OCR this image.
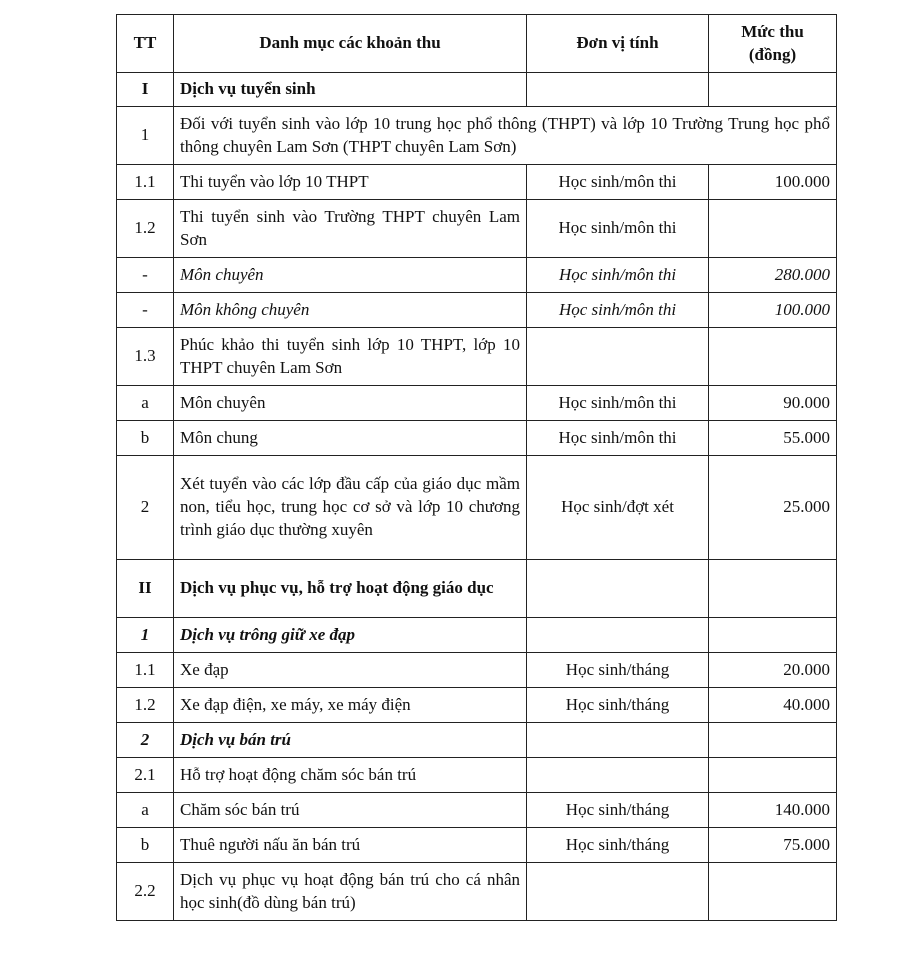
TT	Danh mục các khoản thu	Đơn vị tính	Mức thu
(đồng)

I	Dịch vụ tuyển sinh		
1	Đối với tuyển sinh vào lớp 10 trung học phổ thông (THPT) và lớp 10 Trường Trung học phổ thông chuyên Lam Sơn (THPT chuyên Lam Sơn)		
1.1	Thi tuyển vào lớp 10 THPT	Học sinh/môn thi	100.000
1.2	Thi tuyển sinh vào Trường THPT chuyên Lam Sơn	Học sinh/môn thi	
-	Môn chuyên	Học sinh/môn thi	280.000
-	Môn không chuyên	Học sinh/môn thi	100.000
1.3	Phúc khảo thi tuyển sinh lớp 10 THPT, lớp 10 THPT chuyên Lam Sơn		
a	Môn chuyên	Học sinh/môn thi	90.000
b	Môn chung	Học sinh/môn thi	55.000
2	Xét tuyển vào các lớp đầu cấp của giáo dục mầm non, tiểu học, trung học cơ sở và lớp 10 chương trình giáo dục thường xuyên	Học sinh/đợt xét	25.000
II	Dịch vụ phục vụ, hỗ trợ hoạt động giáo dục		
1	Dịch vụ trông giữ xe đạp		
1.1	Xe đạp	Học sinh/tháng	20.000
1.2	Xe đạp điện, xe máy, xe máy điện	Học sinh/tháng	40.000
2	Dịch vụ bán trú		
2.1	Hỗ trợ hoạt động chăm sóc bán trú		
a	Chăm sóc bán trú	Học sinh/tháng	140.000
b	Thuê người nấu ăn bán trú	Học sinh/tháng	75.000
2.2	Dịch vụ phục vụ hoạt động bán trú cho cá nhân học sinh(đồ dùng bán trú)		
